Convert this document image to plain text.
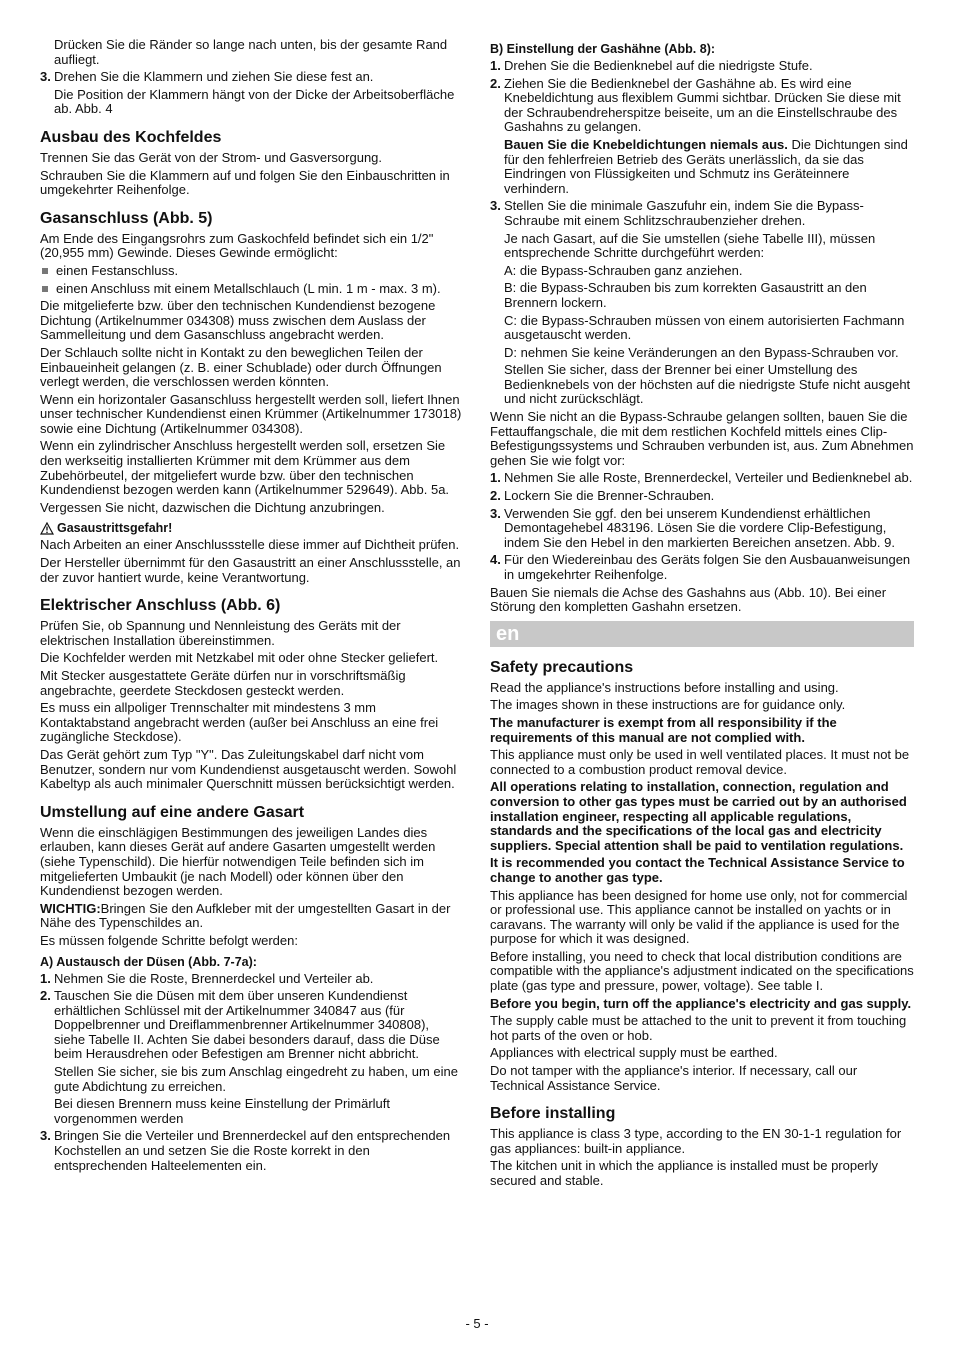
Drücken Sie die Ränder so lange nach unten, bis der gesamte Rand aufliegt.

3. Drehen Sie die Klammern und ziehen Sie diese fest an.

Die Position der Klammern hängt von der Dicke der Arbeitsoberfläche ab. Abb. 4

Ausbau des Kochfeldes

Trennen Sie das Gerät von der Strom- und Gasversorgung.

Schrauben Sie die Klammern auf und folgen Sie den Einbauschritten in umgekehrter Reihenfolge.

Gasanschluss (Abb. 5)

Am Ende des Eingangsrohrs zum Gaskochfeld befindet sich ein 1/2" (20,955 mm) Gewinde. Dieses Gewinde ermöglicht:

einen Festanschluss.
einen Anschluss mit einem Metallschlauch (L min. 1 m - max. 3 m).

Die mitgelieferte bzw. über den technischen Kundendienst bezogene Dichtung (Artikelnummer 034308) muss zwischen dem Auslass der Sammelleitung und dem Gasanschluss angebracht werden.

Der Schlauch sollte nicht in Kontakt zu den beweglichen Teilen der Einbaueinheit gelangen (z. B. einer Schublade) oder durch Öffnungen verlegt werden, die verschlossen werden könnten.

Wenn ein horizontaler Gasanschluss hergestellt werden soll, liefert Ihnen unser technischer Kundendienst einen Krümmer (Artikelnummer 173018) sowie eine Dichtung (Artikelnummer 034308).

Wenn ein zylindrischer Anschluss hergestellt werden soll, ersetzen Sie den werkseitig installierten Krümmer mit dem Krümmer aus dem Zubehörbeutel, der mitgeliefert wurde bzw. über den technischen Kundendienst bezogen werden kann (Artikelnummer 529649). Abb. 5a.

Vergessen Sie nicht, dazwischen die Dichtung anzubringen.

Gasaustrittsgefahr!

Nach Arbeiten an einer Anschlussstelle diese immer auf Dichtheit prüfen.

Der Hersteller übernimmt für den Gasaustritt an einer Anschlussstelle, an der zuvor hantiert wurde, keine Verantwortung.

Elektrischer Anschluss (Abb. 6)

Prüfen Sie, ob Spannung und Nennleistung des Geräts mit der elektrischen Installation übereinstimmen.

Die Kochfelder werden mit Netzkabel mit oder ohne Stecker geliefert.

Mit Stecker ausgestattete Geräte dürfen nur in vorschriftsmäßig angebrachte, geerdete Steckdosen gesteckt werden.

Es muss ein allpoliger Trennschalter mit mindestens 3 mm Kontaktabstand angebracht werden (außer bei Anschluss an eine frei zugängliche Steckdose).

Das Gerät gehört zum Typ "Y". Das Zuleitungskabel darf nicht vom Benutzer, sondern nur vom Kundendienst ausgetauscht werden. Sowohl Kabeltyp als auch minimaler Querschnitt müssen berücksichtigt werden.

Umstellung auf eine andere Gasart

Wenn die einschlägigen Bestimmungen des jeweiligen Landes dies erlauben, kann dieses Gerät auf andere Gasarten umgestellt werden (siehe Typenschild). Die hierfür notwendigen Teile befinden sich im mitgelieferten Umbaukit (je nach Modell) oder können über den Kundendienst bezogen werden.

WICHTIG:Bringen Sie den Aufkleber mit der umgestellten Gasart in der Nähe des Typenschildes an.

Es müssen folgende Schritte befolgt werden:

A) Austausch der Düsen (Abb. 7-7a):
1. Nehmen Sie die Roste, Brennerdeckel und Verteiler ab.
2. Tauschen Sie die Düsen mit dem über unseren Kundendienst erhältlichen Schlüssel mit der Artikelnummer 340847 aus (für Doppelbrenner und Dreiflammenbrenner Artikelnummer 340808), siehe Tabelle II. Achten Sie dabei besonders darauf, dass die Düse beim Herausdrehen oder Befestigen am Brenner nicht abbricht.

Stellen Sie sicher, sie bis zum Anschlag eingedreht zu haben, um eine gute Abdichtung zu erreichen.

Bei diesen Brennern muss keine Einstellung der Primärluft vorgenommen werden

3. Bringen Sie die Verteiler und Brennerdeckel auf den entsprechenden Kochstellen an und setzen Sie die Roste korrekt in den entsprechenden Halteelementen ein.
B) Einstellung der Gashähne (Abb. 8):
1. Drehen Sie die Bedienknebel auf die niedrigste Stufe.
2. Ziehen Sie die Bedienknebel der Gashähne ab. Es wird eine Knebeldichtung aus flexiblem Gummi sichtbar. Drücken Sie diese mit der Schraubendreherspitze beiseite, um an die Einstellschraube des Gashahns zu gelangen.

Bauen Sie die Knebeldichtungen niemals aus. Die Dichtungen sind für den fehlerfreien Betrieb des Geräts unerlässlich, da sie das Eindringen von Flüssigkeiten und Schmutz ins Geräteinnere verhindern.

3. Stellen Sie die minimale Gaszufuhr ein, indem Sie die Bypass-Schraube mit einem Schlitzschraubenzieher drehen.

Je nach Gasart, auf die Sie umstellen (siehe Tabelle III), müssen entsprechende Schritte durchgeführt werden:

A: die Bypass-Schrauben ganz anziehen.

B: die Bypass-Schrauben bis zum korrekten Gasaustritt an den Brennern lockern.

C: die Bypass-Schrauben müssen von einem autorisierten Fachmann ausgetauscht werden.

D: nehmen Sie keine Veränderungen an den Bypass-Schrauben vor.

Stellen Sie sicher, dass der Brenner bei einer Umstellung des Bedienknebels von der höchsten auf die niedrigste Stufe nicht ausgeht und nicht zurückschlägt.

Wenn Sie nicht an die Bypass-Schraube gelangen sollten, bauen Sie die Fettauffangschale, die mit dem restlichen Kochfeld mittels eines Clip-Befestigungssystems und Schrauben verbunden ist, aus. Zum Abnehmen gehen Sie wie folgt vor:

1. Nehmen Sie alle Roste, Brennerdeckel, Verteiler und Bedienknebel ab.
2. Lockern Sie die Brenner-Schrauben.
3. Verwenden Sie ggf. den bei unserem Kundendienst erhältlichen Demontagehebel 483196. Lösen Sie die vordere Clip-Befestigung, indem Sie den Hebel in den markierten Bereichen ansetzen. Abb. 9.
4. Für den Wiedereinbau des Geräts folgen Sie den Ausbauanweisungen in umgekehrter Reihenfolge.

Bauen Sie niemals die Achse des Gashahns aus (Abb. 10). Bei einer Störung den kompletten Gashahn ersetzen.

en
Safety precautions

Read the appliance's instructions before installing and using.

The images shown in these instructions are for guidance only.

The manufacturer is exempt from all responsibility if the requirements of this manual are not complied with.

This appliance must only be used in well ventilated places. It must not be connected to a combustion product removal device.

All operations relating to installation, connection, regulation and conversion to other gas types must be carried out by an authorised installation engineer, respecting all applicable regulations, standards and the specifications of the local gas and electricity suppliers. Special attention shall be paid to ventilation regulations.

It is recommended you contact the Technical Assistance Service to change to another gas type.

This appliance has been designed for home use only, not for commercial or professional use. This appliance cannot be installed on yachts or in caravans. The warranty will only be valid if the appliance is used for the purpose for which it was designed.

Before installing, you need to check that local distribution conditions are compatible with the appliance's adjustment indicated on the specifications plate (gas type and pressure, power, voltage). See table I.

Before you begin, turn off the appliance's electricity and gas supply.

The supply cable must be attached to the unit to prevent it from touching hot parts of the oven or hob.

Appliances with electrical supply must be earthed.

Do not tamper with the appliance's interior. If necessary, call our Technical Assistance Service.

Before installing

This appliance is class 3 type, according to the EN 30-1-1 regulation for gas appliances: built-in appliance.

The kitchen unit in which the appliance is installed must be properly secured and stable.

- 5 -
